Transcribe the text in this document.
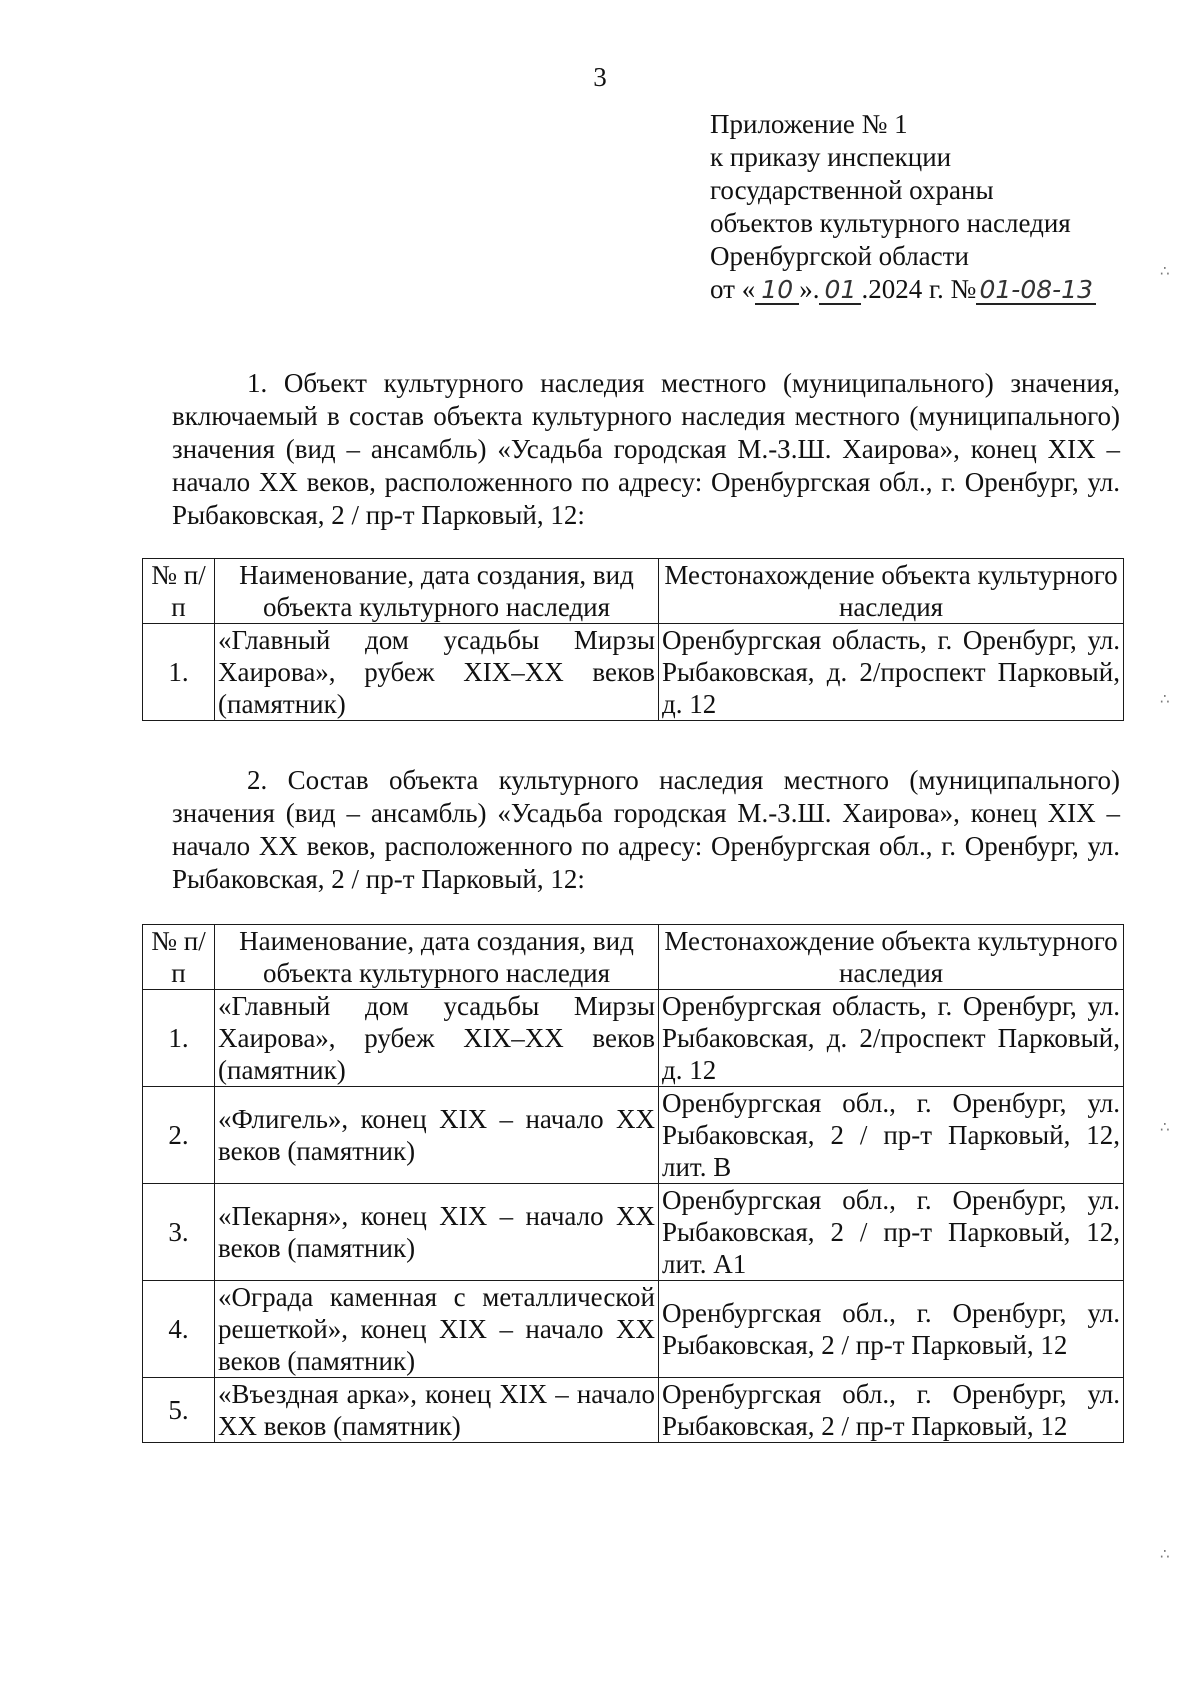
3

Приложение № 1
к приказу инспекции
государственной охраны
объектов культурного наследия
Оренбургской области
от « 10 ». 01 .2024 г. № 01-08-13

1. Объект культурного наследия местного (муниципального) значения, включаемый в состав объекта культурного наследия местного (муниципального) значения (вид – ансамбль) «Усадьба городская М.-З.Ш. Хаирова», конец XIX – начало XX веков, расположенного по адресу: Оренбургская обл., г. Оренбург, ул. Рыбаковская, 2 / пр-т Парковый, 12:

№ п/п	Наименование, дата создания, вид объекта культурного наследия	Местонахождение объекта культурного наследия
1.	«Главный дом усадьбы Мирзы Хаирова», рубеж XIX–XX веков (памятник)	Оренбургская область, г. Оренбург, ул. Рыбаковская, д. 2/проспект Парковый, д. 12

2. Состав объекта культурного наследия местного (муниципального) значения (вид – ансамбль) «Усадьба городская М.-З.Ш. Хаирова», конец XIX – начало XX веков, расположенного по адресу: Оренбургская обл., г. Оренбург, ул. Рыбаковская, 2 / пр-т Парковый, 12:

№ п/п	Наименование, дата создания, вид объекта культурного наследия	Местонахождение объекта культурного наследия
1.	«Главный дом усадьбы Мирзы Хаирова», рубеж XIX–XX веков (памятник)	Оренбургская область, г. Оренбург, ул. Рыбаковская, д. 2/проспект Парковый, д. 12
2.	«Флигель», конец XIX – начало XX веков (памятник)	Оренбургская обл., г. Оренбург, ул. Рыбаковская, 2 / пр-т Парковый, 12, лит. В
3.	«Пекарня», конец XIX – начало XX веков (памятник)	Оренбургская обл., г. Оренбург, ул. Рыбаковская, 2 / пр-т Парковый, 12, лит. А1
4.	«Ограда каменная с металлической решеткой», конец XIX – начало XX веков (памятник)	Оренбургская обл., г. Оренбург, ул. Рыбаковская, 2 / пр-т Парковый, 12
5.	«Въездная арка», конец XIX – начало XX веков (памятник)	Оренбургская обл., г. Оренбург, ул. Рыбаковская, 2 / пр-т Парковый, 12
∴
∴
∴
∴
